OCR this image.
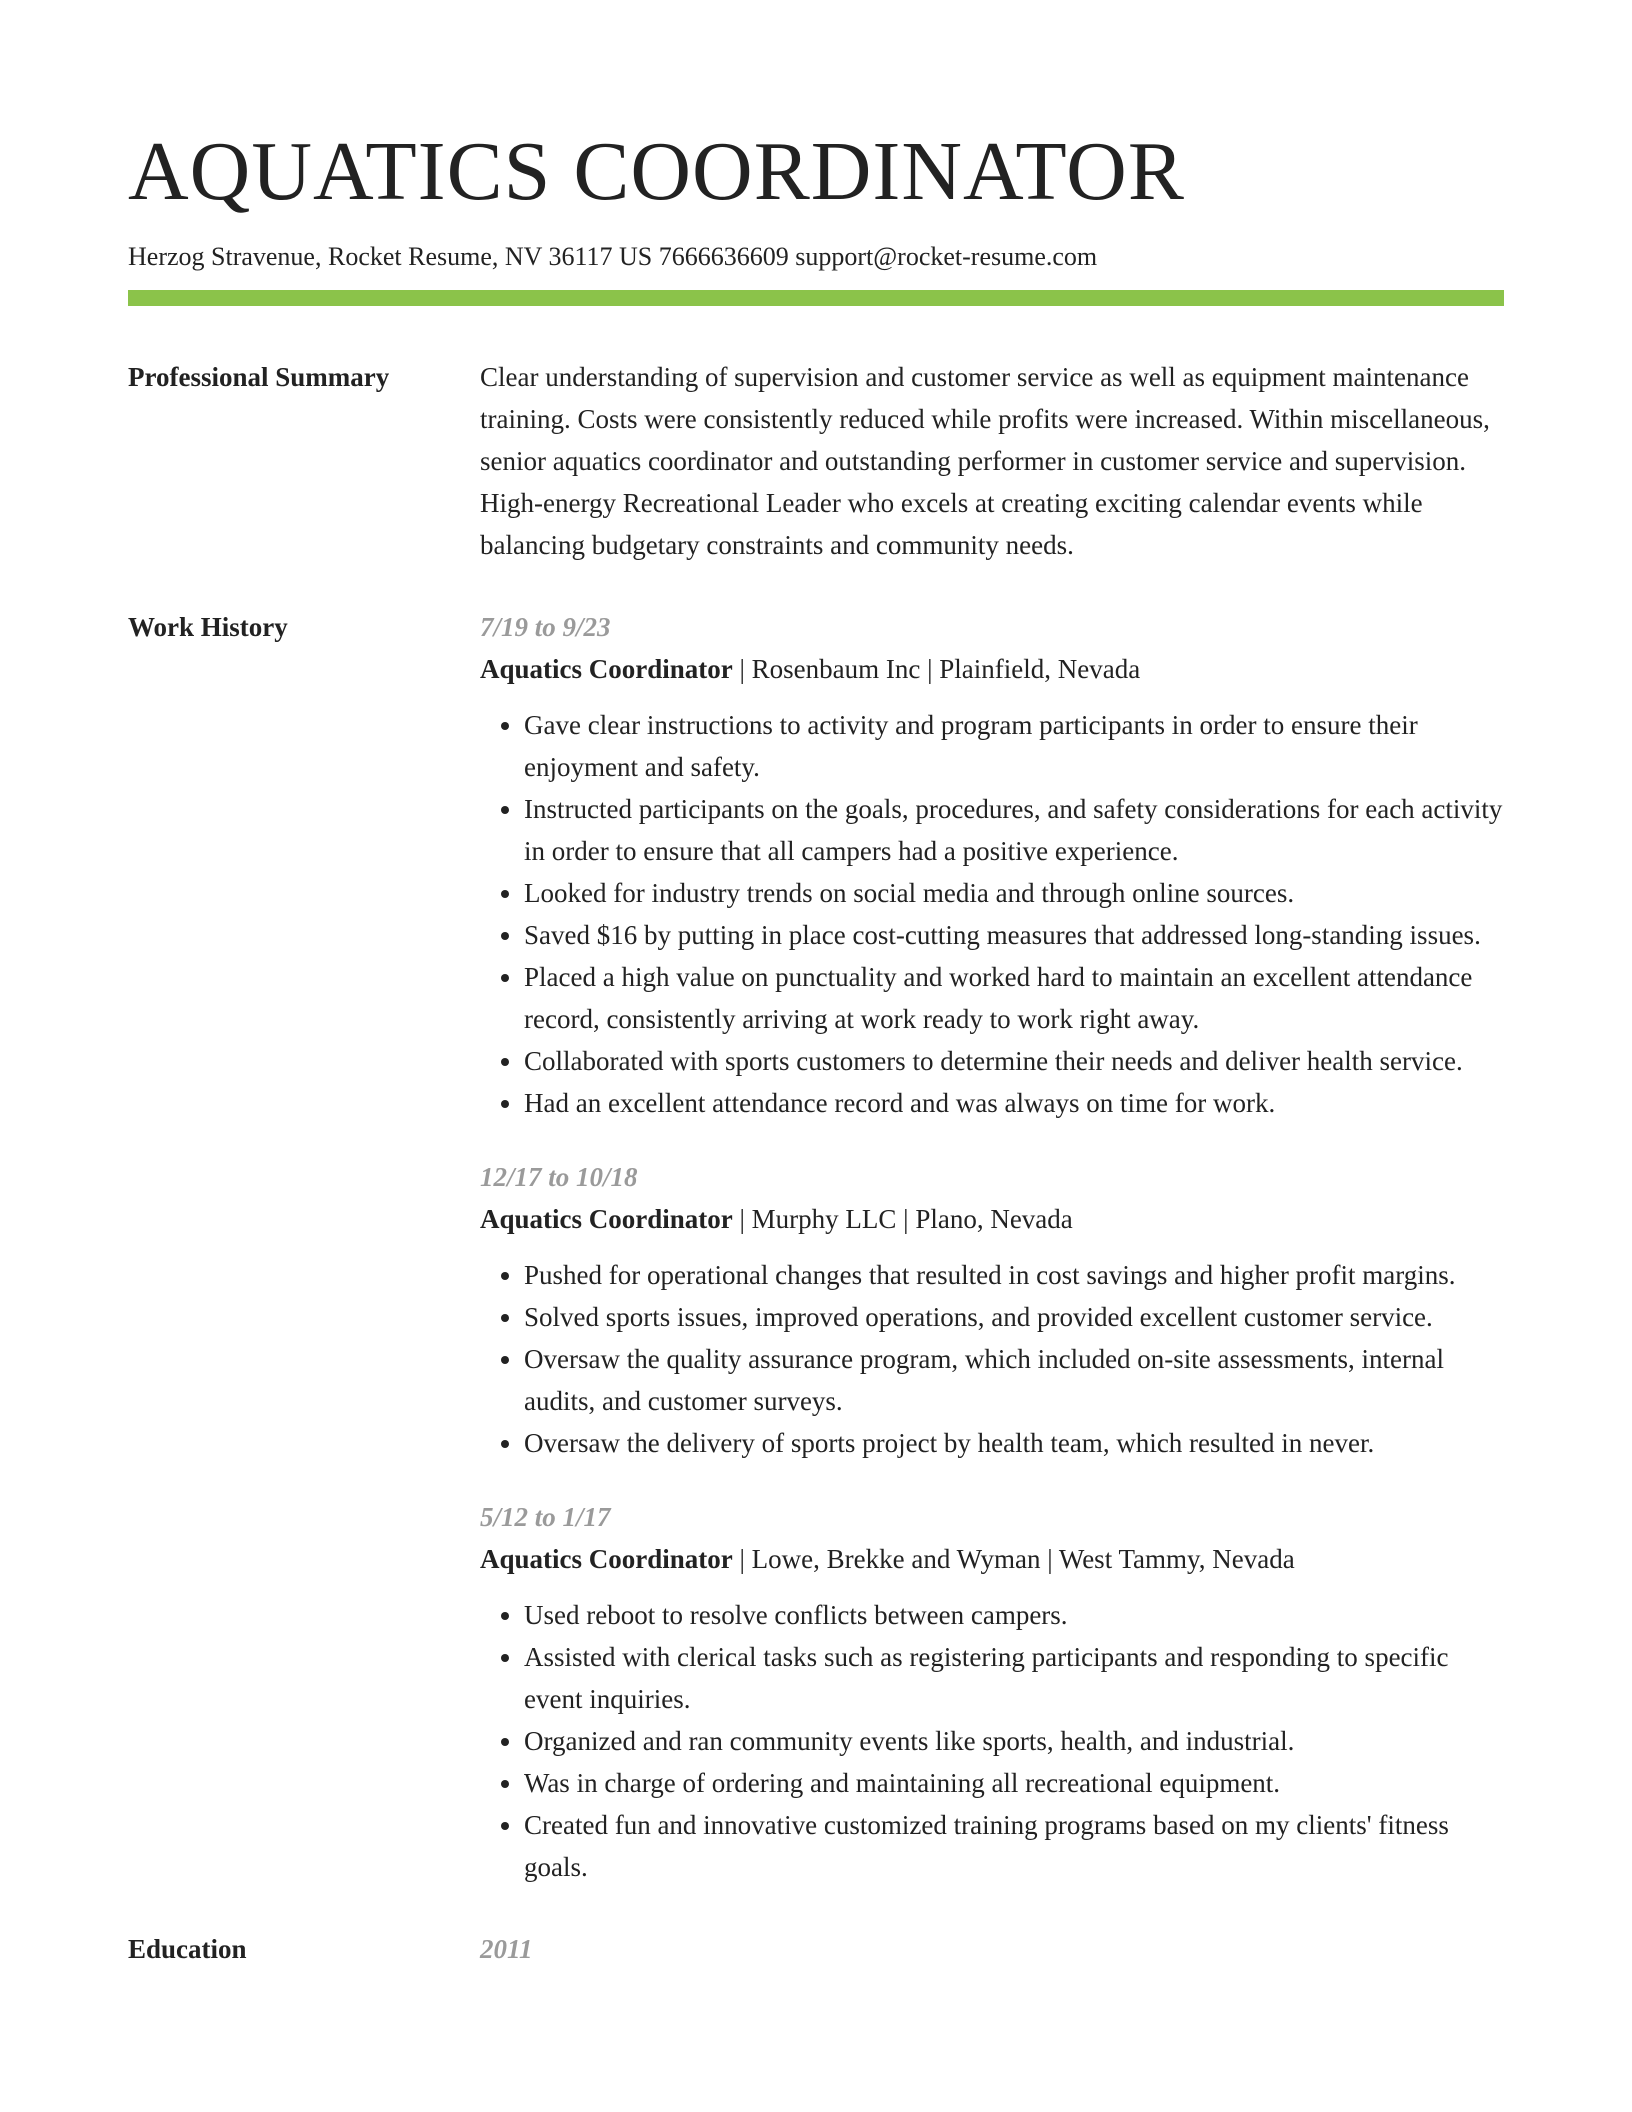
AQUATICS COORDINATOR
Herzog Stravenue, Rocket Resume, NV 36117 US 7666636609 support@rocket-resume.com
Professional Summary	Clear understanding of supervision and customer service as well as equipment maintenance training. Costs were consistently reduced while profits were increased. Within miscellaneous, senior aquatics coordinator and outstanding performer in customer service and supervision. High-energy Recreational Leader who excels at creating exciting calendar events while balancing budgetary constraints and community needs.
Work History	7/19 to 9/23
Aquatics Coordinator | Rosenbaum Inc | Plainfield, Nevada
• Gave clear instructions to activity and program participants in order to ensure their enjoyment and safety.
• Instructed participants on the goals, procedures, and safety considerations for each activity in order to ensure that all campers had a positive experience.
• Looked for industry trends on social media and through online sources.
• Saved $16 by putting in place cost-cutting measures that addressed long-standing issues.
• Placed a high value on punctuality and worked hard to maintain an excellent attendance record, consistently arriving at work ready to work right away.
• Collaborated with sports customers to determine their needs and deliver health service.
• Had an excellent attendance record and was always on time for work.
12/17 to 10/18
Aquatics Coordinator | Murphy LLC | Plano, Nevada
• Pushed for operational changes that resulted in cost savings and higher profit margins.
• Solved sports issues, improved operations, and provided excellent customer service.
• Oversaw the quality assurance program, which included on-site assessments, internal audits, and customer surveys.
• Oversaw the delivery of sports project by health team, which resulted in never.
5/12 to 1/17
Aquatics Coordinator | Lowe, Brekke and Wyman | West Tammy, Nevada
• Used reboot to resolve conflicts between campers.
• Assisted with clerical tasks such as registering participants and responding to specific event inquiries.
• Organized and ran community events like sports, health, and industrial.
• Was in charge of ordering and maintaining all recreational equipment.
• Created fun and innovative customized training programs based on my clients' fitness goals.
Education	2011
